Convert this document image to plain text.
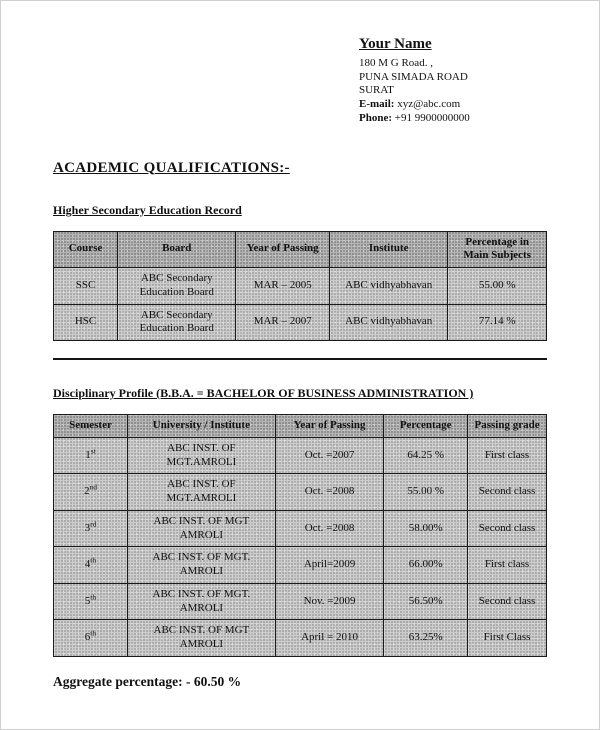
Your Name
180 M G Road. ,
PUNA SIMADA ROAD
SURAT
E-mail: xyz@abc.com
Phone: +91 9900000000
ACADEMIC QUALIFICATIONS:-
Higher Secondary Education Record
Course	Board	Year of Passing	Institute	Percentage in Main Subjects
SSC	ABC Secondary Education Board	MAR – 2005	ABC vidhyabhavan	55.00 %
HSC	ABC Secondary Education Board	MAR – 2007	ABC vidhyabhavan	77.14 %
Disciplinary Profile (B.B.A. = BACHELOR OF BUSINESS ADMINISTRATION )
Semester	University / Institute	Year of Passing	Percentage	Passing grade
1st	ABC INST. OF MGT.AMROLI	Oct. =2007	64.25 %	First class
2nd	ABC INST. OF MGT.AMROLI	Oct. =2008	55.00 %	Second class
3rd	ABC INST. OF MGT AMROLI	Oct. =2008	58.00%	Second class
4th	ABC INST. OF MGT. AMROLI	April=2009	66.00%	First class
5th	ABC INST. OF MGT. AMROLI	Nov. =2009	56.50%	Second class
6th	ABC INST. OF MGT AMROLI	April = 2010	63.25%	First Class
Aggregate percentage: - 60.50 %
